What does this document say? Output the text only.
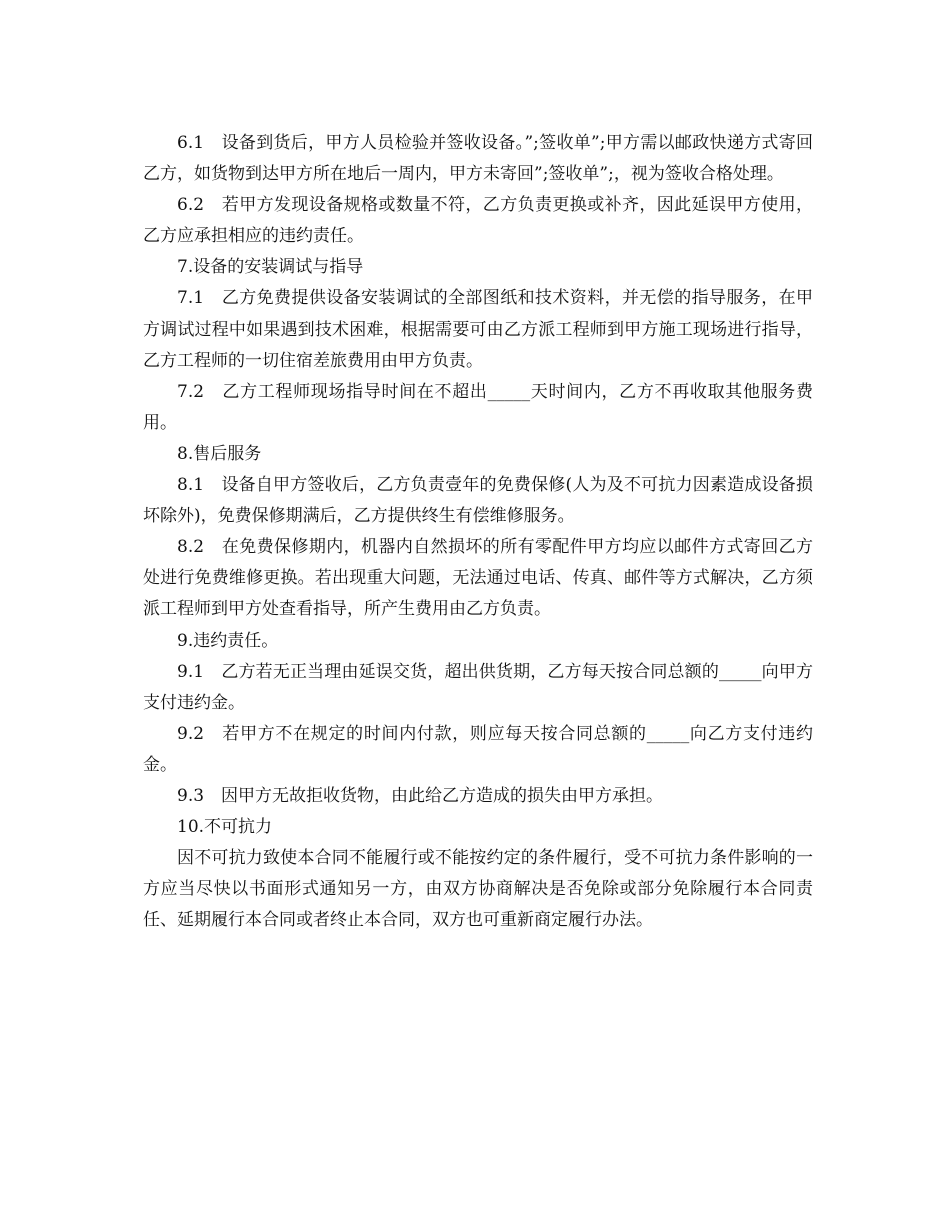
6.1　设备到货后，甲方人员检验并签收设备。”;签收单”;甲方需以邮政快递方式寄回乙方，如货物到达甲方所在地后一周内，甲方未寄回”;签收单”;，视为签收合格处理。

6.2　若甲方发现设备规格或数量不符，乙方负责更换或补齐，因此延误甲方使用，乙方应承担相应的违约责任。

7.设备的安装调试与指导

7.1　乙方免费提供设备安装调试的全部图纸和技术资料，并无偿的指导服务，在甲方调试过程中如果遇到技术困难，根据需要可由乙方派工程师到甲方施工现场进行指导，乙方工程师的一切住宿差旅费用由甲方负责。

7.2　乙方工程师现场指导时间在不超出_____天时间内，乙方不再收取其他服务费用。

8.售后服务

8.1　设备自甲方签收后，乙方负责壹年的免费保修(人为及不可抗力因素造成设备损坏除外)，免费保修期满后，乙方提供终生有偿维修服务。

8.2　在免费保修期内，机器内自然损坏的所有零配件甲方均应以邮件方式寄回乙方处进行免费维修更换。若出现重大问题，无法通过电话、传真、邮件等方式解决，乙方须派工程师到甲方处查看指导，所产生费用由乙方负责。

9.违约责任。

9.1　乙方若无正当理由延误交货，超出供货期，乙方每天按合同总额的_____向甲方支付违约金。

9.2　若甲方不在规定的时间内付款，则应每天按合同总额的_____向乙方支付违约金。

9.3　因甲方无故拒收货物，由此给乙方造成的损失由甲方承担。

10.不可抗力

因不可抗力致使本合同不能履行或不能按约定的条件履行，受不可抗力条件影响的一方应当尽快以书面形式通知另一方，由双方协商解决是否免除或部分免除履行本合同责任、延期履行本合同或者终止本合同，双方也可重新商定履行办法。
